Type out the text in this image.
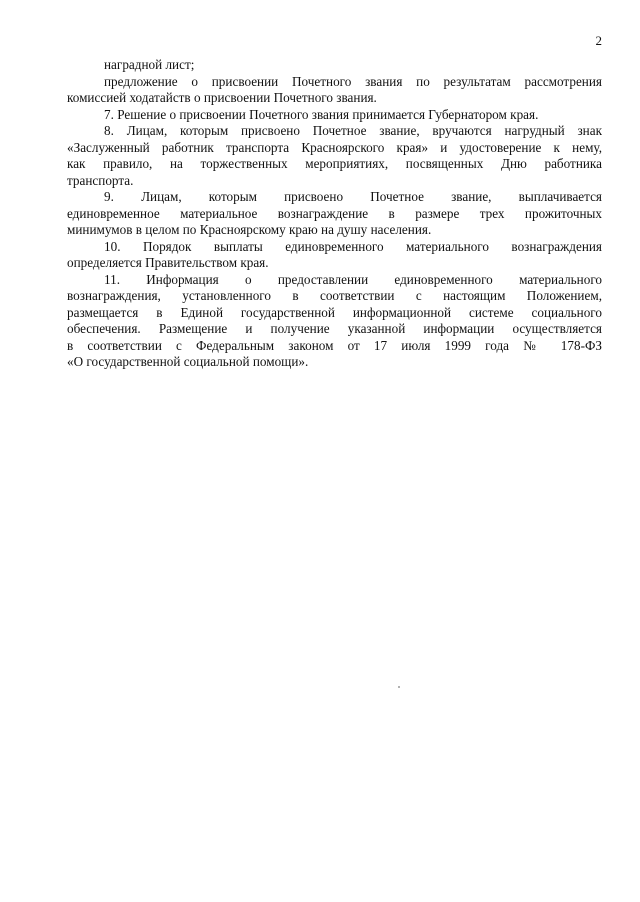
2
наградной лист;
предложение о присвоении Почетного звания по результатам рассмотрения
комиссией ходатайств о присвоении Почетного звания.
7. Решение о присвоении Почетного звания принимается Губернатором края.
8. Лицам, которым присвоено Почетное звание, вручаются нагрудный знак
«Заслуженный работник транспорта Красноярского края» и удостоверение к нему,
как правило, на торжественных мероприятиях, посвященных Дню работника
транспорта.
9. Лицам, которым присвоено Почетное звание, выплачивается
единовременное материальное вознаграждение в размере трех прожиточных
минимумов в целом по Красноярскому краю на душу населения.
10. Порядок выплаты единовременного материального вознаграждения
определяется Правительством края.
11. Информация о предоставлении единовременного материального
вознаграждения, установленного в соответствии с настоящим Положением,
размещается в Единой государственной информационной системе социального
обеспечения. Размещение и получение указанной информации осуществляется
в соответствии с Федеральным законом от 17 июля 1999 года № 178-ФЗ
«О государственной социальной помощи».
